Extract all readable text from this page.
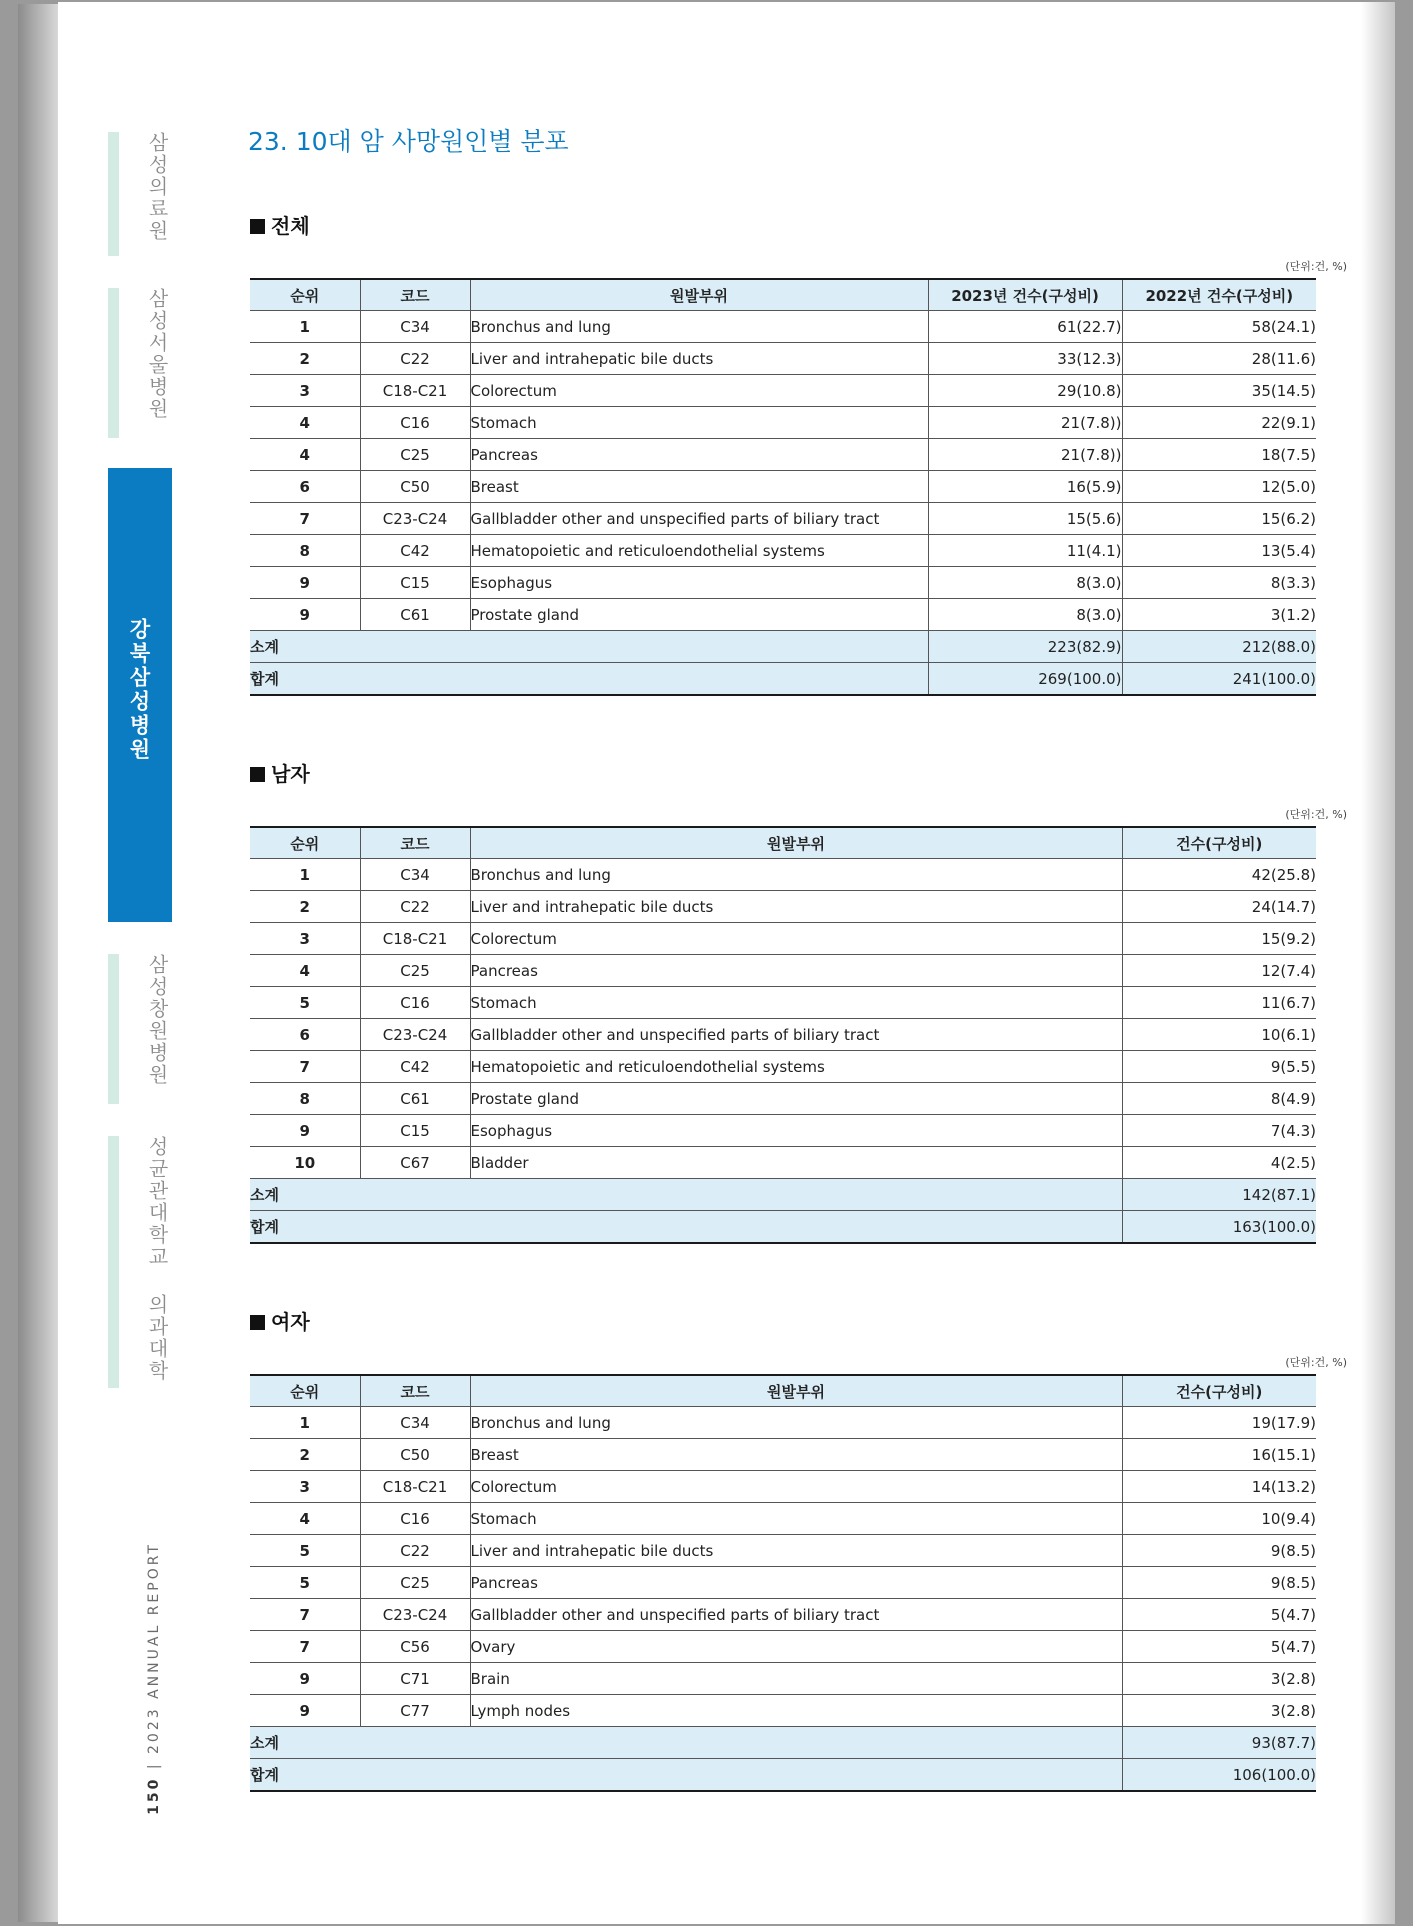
삼성의료원
삼성서울병원
강북삼성병원
삼성창원병원
성균관대학교 의과대학
150 | 2023 ANNUAL REPORT
23. 10대 암 사망원인별 분포
전체
(단위:건, %)
순위	코드	원발부위	2023년 건수(구성비)	2022년 건수(구성비)
1	C34	Bronchus and lung	61(22.7)	58(24.1)
2	C22	Liver and intrahepatic bile ducts	33(12.3)	28(11.6)
3	C18-C21	Colorectum	29(10.8)	35(14.5)
4	C16	Stomach	21(7.8))	22(9.1)
4	C25	Pancreas	21(7.8))	18(7.5)
6	C50	Breast	16(5.9)	12(5.0)
7	C23-C24	Gallbladder other and unspecified parts of biliary tract	15(5.6)	15(6.2)
8	C42	Hematopoietic and reticuloendothelial systems	11(4.1)	13(5.4)
9	C15	Esophagus	8(3.0)	8(3.3)
9	C61	Prostate gland	8(3.0)	3(1.2)
소계			223(82.9)	212(88.0)
합계			269(100.0)	241(100.0)
남자
(단위:건, %)
순위	코드	원발부위	건수(구성비)
1	C34	Bronchus and lung	42(25.8)
2	C22	Liver and intrahepatic bile ducts	24(14.7)
3	C18-C21	Colorectum	15(9.2)
4	C25	Pancreas	12(7.4)
5	C16	Stomach	11(6.7)
6	C23-C24	Gallbladder other and unspecified parts of biliary tract	10(6.1)
7	C42	Hematopoietic and reticuloendothelial systems	9(5.5)
8	C61	Prostate gland	8(4.9)
9	C15	Esophagus	7(4.3)
10	C67	Bladder	4(2.5)
소계			142(87.1)
합계			163(100.0)
여자
(단위:건, %)
순위	코드	원발부위	건수(구성비)
1	C34	Bronchus and lung	19(17.9)
2	C50	Breast	16(15.1)
3	C18-C21	Colorectum	14(13.2)
4	C16	Stomach	10(9.4)
5	C22	Liver and intrahepatic bile ducts	9(8.5)
5	C25	Pancreas	9(8.5)
7	C23-C24	Gallbladder other and unspecified parts of biliary tract	5(4.7)
7	C56	Ovary	5(4.7)
9	C71	Brain	3(2.8)
9	C77	Lymph nodes	3(2.8)
소계			93(87.7)
합계			106(100.0)
